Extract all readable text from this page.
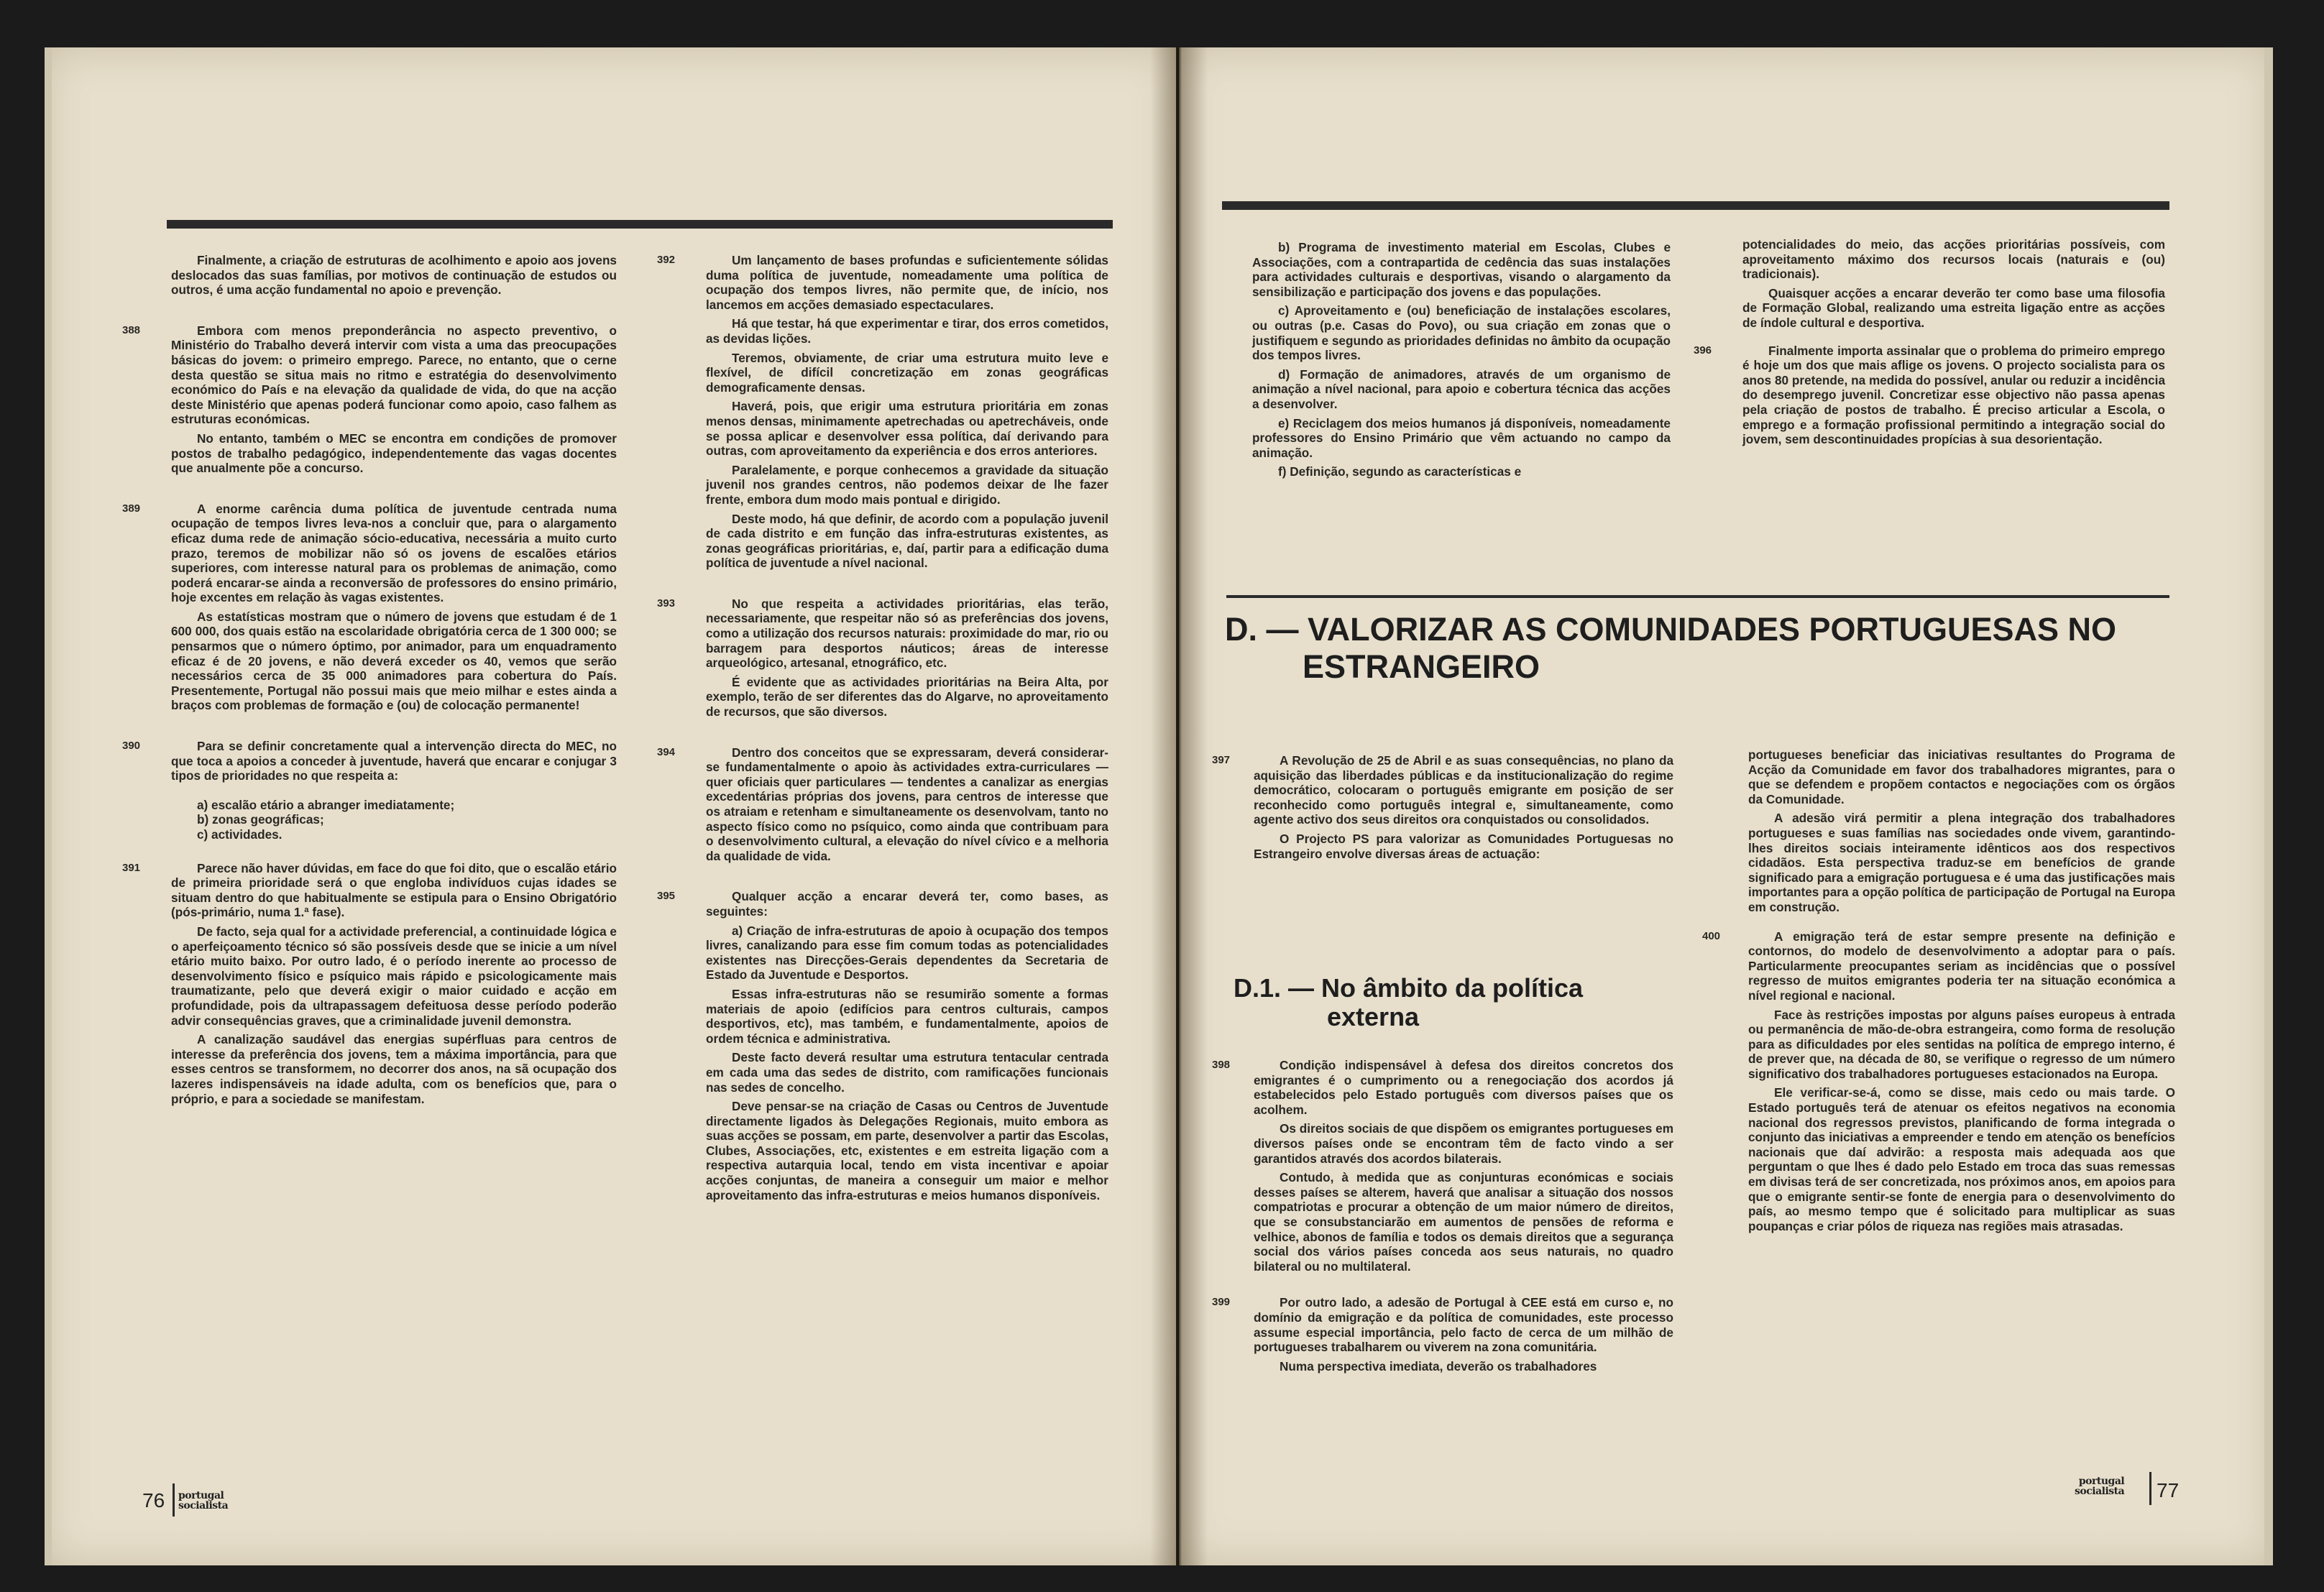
Finalmente, a criação de estruturas de acolhimento e apoio aos jovens deslocados das suas famílias, por motivos de continuação de estudos ou outros, é uma acção fundamental no apoio e prevenção.

388	Embora com menos preponderância no aspecto preventivo, o Ministério do Trabalho deverá intervir com vista a uma das preocupações básicas do jovem: o primeiro emprego. Parece, no entanto, que o cerne desta questão se situa mais no ritmo e estratégia do desenvolvimento económico do País e na elevação da qualidade de vida, do que na acção deste Ministério que apenas poderá funcionar como apoio, caso falhem as estruturas económicas.

No entanto, também o MEC se encontra em condições de promover postos de trabalho pedagógico, independentemente das vagas docentes que anualmente põe a concurso.

389	A enorme carência duma política de juventude centrada numa ocupação de tempos livres leva-nos a concluir que, para o alargamento eficaz duma rede de animação sócio-educativa, necessária a muito curto prazo, teremos de mobilizar não só os jovens de escalões etários superiores, com interesse natural para os problemas de animação, como poderá encarar-se ainda a reconversão de professores do ensino primário, hoje excentes em relação às vagas existentes.

As estatísticas mostram que o número de jovens que estudam é de 1 600 000, dos quais estão na escolaridade obrigatória cerca de 1 300 000; se pensarmos que o número óptimo, por animador, para um enquadramento eficaz é de 20 jovens, e não deverá exceder os 40, vemos que serão necessários cerca de 35 000 animadores para cobertura do País. Presentemente, Portugal não possui mais que meio milhar e estes ainda a braços com problemas de formação e (ou) de colocação permanente!

390	Para se definir concretamente qual a intervenção directa do MEC, no que toca a apoios a conceder à juventude, haverá que encarar e conjugar 3 tipos de prioridades no que respeita a:

a) escalão etário a abranger imediatamente;
b) zonas geográficas;
c) actividades.

391	Parece não haver dúvidas, em face do que foi dito, que o escalão etário de primeira prioridade será o que engloba indivíduos cujas idades se situam dentro do que habitualmente se estipula para o Ensino Obrigatório (pós-primário, numa 1.ª fase).

De facto, seja qual for a actividade preferencial, a continuidade lógica e o aperfeiçoamento técnico só são possíveis desde que se inicie a um nível etário muito baixo. Por outro lado, é o período inerente ao processo de desenvolvimento físico e psíquico mais rápido e psicologicamente mais traumatizante, pelo que deverá exigir o maior cuidado e acção em profundidade, pois da ultrapassagem defeituosa desse período poderão advir consequências graves, que a criminalidade juvenil demonstra.

A canalização saudável das energias supérfluas para centros de interesse da preferência dos jovens, tem a máxima importância, para que esses centros se transformem, no decorrer dos anos, na sã ocupação dos lazeres indispensáveis na idade adulta, com os benefícios que, para o próprio, e para a sociedade se manifestam.

392	Um lançamento de bases profundas e suficientemente sólidas duma política de juventude, nomeadamente uma política de ocupação dos tempos livres, não permite que, de início, nos lancemos em acções demasiado espectaculares.

Há que testar, há que experimentar e tirar, dos erros cometidos, as devidas lições.

Teremos, obviamente, de criar uma estrutura muito leve e flexível, de difícil concretização em zonas geográficas demograficamente densas.

Haverá, pois, que erigir uma estrutura prioritária em zonas menos densas, minimamente apetrechadas ou apetrecháveis, onde se possa aplicar e desenvolver essa política, daí derivando para outras, com aproveitamento da experiência e dos erros anteriores.

Paralelamente, e porque conhecemos a gravidade da situação juvenil nos grandes centros, não podemos deixar de lhe fazer frente, embora dum modo mais pontual e dirigido.

Deste modo, há que definir, de acordo com a população juvenil de cada distrito e em função das infra-estruturas existentes, as zonas geográficas prioritárias, e, daí, partir para a edificação duma política de juventude a nível nacional.

393	No que respeita a actividades prioritárias, elas terão, necessariamente, que respeitar não só as preferências dos jovens, como a utilização dos recursos naturais: proximidade do mar, rio ou barragem para desportos náuticos; áreas de interesse arqueológico, artesanal, etnográfico, etc.

É evidente que as actividades prioritárias na Beira Alta, por exemplo, terão de ser diferentes das do Algarve, no aproveitamento de recursos, que são diversos.

394	Dentro dos conceitos que se expressaram, deverá considerar-se fundamentalmente o apoio às actividades extra-curriculares — quer oficiais quer particulares — tendentes a canalizar as energias excedentárias próprias dos jovens, para centros de interesse que os atraiam e retenham e simultaneamente os desenvolvam, tanto no aspecto físico como no psíquico, como ainda que contribuam para o desenvolvimento cultural, a elevação do nível cívico e a melhoria da qualidade de vida.

395	Qualquer acção a encarar deverá ter, como bases, as seguintes:

a) Criação de infra-estruturas de apoio à ocupação dos tempos livres, canalizando para esse fim comum todas as potencialidades existentes nas Direcções-Gerais dependentes da Secretaria de Estado da Juventude e Desportos.

Essas infra-estruturas não se resumirão somente a formas materiais de apoio (edifícios para centros culturais, campos desportivos, etc), mas também, e fundamentalmente, apoios de ordem técnica e administrativa.

Deste facto deverá resultar uma estrutura tentacular centrada em cada uma das sedes de distrito, com ramificações funcionais nas sedes de concelho.

Deve pensar-se na criação de Casas ou Centros de Juventude directamente ligados às Delegações Regionais, muito embora as suas acções se possam, em parte, desenvolver a partir das Escolas, Clubes, Associações, etc, existentes e em estreita ligação com a respectiva autarquia local, tendo em vista incentivar e apoiar acções conjuntas, de maneira a conseguir um maior e melhor aproveitamento das infra-estruturas e meios humanos disponíveis.

76 portugal
socialista

b) Programa de investimento material em Escolas, Clubes e Associações, com a contrapartida de cedência das suas instalações para actividades culturais e desportivas, visando o alargamento da sensibilização e participação dos jovens e das populações.

c) Aproveitamento e (ou) beneficiação de instalações escolares, ou outras (p.e. Casas do Povo), ou sua criação em zonas que o justifiquem e segundo as prioridades definidas no âmbito da ocupação dos tempos livres.

d) Formação de animadores, através de um organismo de animação a nível nacional, para apoio e cobertura técnica das acções a desenvolver.

e) Reciclagem dos meios humanos já disponíveis, nomeadamente professores do Ensino Primário que vêm actuando no campo da animação.

f) Definição, segundo as características e

potencialidades do meio, das acções prioritárias possíveis, com aproveitamento máximo dos recursos locais (naturais e (ou) tradicionais).

Quaisquer acções a encarar deverão ter como base uma filosofia de Formação Global, realizando uma estreita ligação entre as acções de índole cultural e desportiva.

396	Finalmente importa assinalar que o problema do primeiro emprego é hoje um dos que mais aflige os jovens. O projecto socialista para os anos 80 pretende, na medida do possível, anular ou reduzir a incidência do desemprego juvenil. Concretizar esse objectivo não passa apenas pela criação de postos de trabalho. É preciso articular a Escola, o emprego e a formação profissional permitindo a integração social do jovem, sem descontinuidades propícias à sua desorientação.

D. — VALORIZAR AS COMUNIDADES PORTUGUESAS NO
ESTRANGEIRO

397	A Revolução de 25 de Abril e as suas consequências, no plano da aquisição das liberdades públicas e da institucionalização do regime democrático, colocaram o português emigrante em posição de ser reconhecido como português integral e, simultaneamente, como agente activo dos seus direitos ora conquistados ou consolidados.

O Projecto PS para valorizar as Comunidades Portuguesas no Estrangeiro envolve diversas áreas de actuação:

D.1. — No âmbito da política
externa

398	Condição indispensável à defesa dos direitos concretos dos emigrantes é o cumprimento ou a renegociação dos acordos já estabelecidos pelo Estado português com diversos países que os acolhem.

Os direitos sociais de que dispõem os emigrantes portugueses em diversos países onde se encontram têm de facto vindo a ser garantidos através dos acordos bilaterais.

Contudo, à medida que as conjunturas económicas e sociais desses países se alterem, haverá que analisar a situação dos nossos compatriotas e procurar a obtenção de um maior número de direitos, que se consubstanciarão em aumentos de pensões de reforma e velhice, abonos de família e todos os demais direitos que a segurança social dos vários países conceda aos seus naturais, no quadro bilateral ou no multilateral.

399	Por outro lado, a adesão de Portugal à CEE está em curso e, no domínio da emigração e da política de comunidades, este processo assume especial importância, pelo facto de cerca de um milhão de portugueses trabalharem ou viverem na zona comunitária.

Numa perspectiva imediata, deverão os trabalhadores

portugueses beneficiar das iniciativas resultantes do Programa de Acção da Comunidade em favor dos trabalhadores migrantes, para o que se defendem e propõem contactos e negociações com os órgãos da Comunidade.

A adesão virá permitir a plena integração dos trabalhadores portugueses e suas famílias nas sociedades onde vivem, garantindo-lhes direitos sociais inteiramente idênticos aos dos respectivos cidadãos. Esta perspectiva traduz-se em benefícios de grande significado para a emigração portuguesa e é uma das justificações mais importantes para a opção política de participação de Portugal na Europa em construção.

400	A emigração terá de estar sempre presente na definição e contornos, do modelo de desenvolvimento a adoptar para o país. Particularmente preocupantes seriam as incidências que o possível regresso de muitos emigrantes poderia ter na situação económica a nível regional e nacional.

Face às restrições impostas por alguns países europeus à entrada ou permanência de mão-de-obra estrangeira, como forma de resolução para as dificuldades por eles sentidas na política de emprego interno, é de prever que, na década de 80, se verifique o regresso de um número significativo dos trabalhadores portugueses estacionados na Europa.

Ele verificar-se-á, como se disse, mais cedo ou mais tarde. O Estado português terá de atenuar os efeitos negativos na economia nacional dos regressos previstos, planificando de forma integrada o conjunto das iniciativas a empreender e tendo em atenção os benefícios nacionais que daí advirão: a resposta mais adequada aos que perguntam o que lhes é dado pelo Estado em troca das suas remessas em divisas terá de ser concretizada, nos próximos anos, em apoios para que o emigrante sentir-se fonte de energia para o desenvolvimento do país, ao mesmo tempo que é solicitado para multiplicar as suas poupanças e criar pólos de riqueza nas regiões mais atrasadas.

portugal
socialista 77
